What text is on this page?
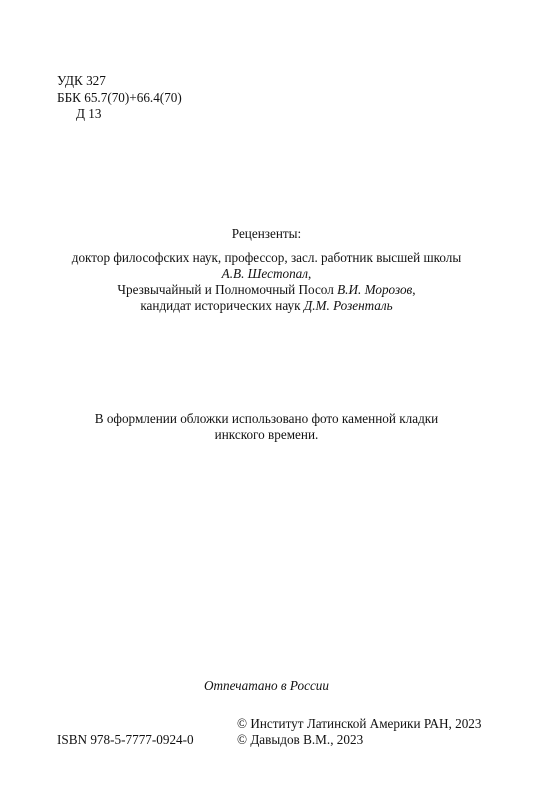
УДК 327
ББК 65.7(70)+66.4(70)
Д 13
Рецензенты:
доктор философских наук, профессор, засл. работник высшей школы
А.В. Шестопал,
Чрезвычайный и Полномочный Посол В.И. Морозов,
кандидат исторических наук Д.М. Розенталь
В оформлении обложки использовано фото каменной кладки
инкского времени.
Отпечатано в России
© Институт Латинской Америки РАН, 2023
ISBN 978-5-7777-0924-0	© Давыдов В.М., 2023
